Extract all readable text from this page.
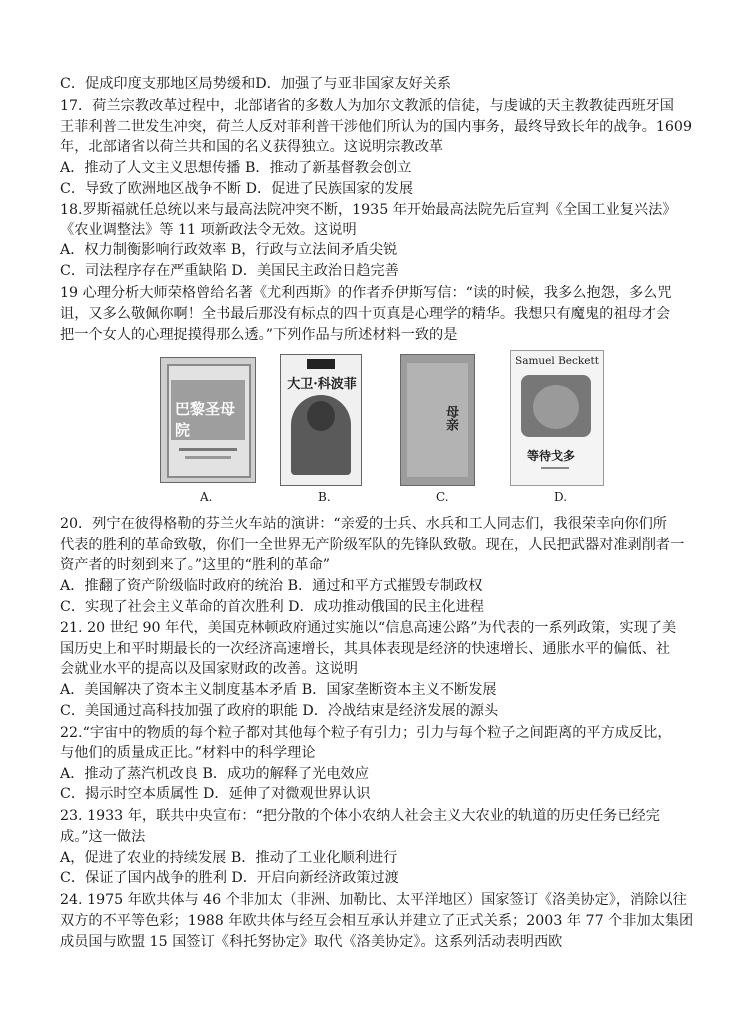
C．促成印度支那地区局势缓和D．加强了与亚非国家友好关系
17．荷兰宗教改革过程中，北部诸省的多数人为加尔文教派的信徒，与虔诚的天主教教徒西班牙国
王菲利普二世发生冲突，荷兰人反对菲利普干涉他们所认为的国内事务，最终导致长年的战争。1609
年，北部诸省以荷兰共和国的名义获得独立。这说明宗教改革
A．推动了人文主义思想传播 B．推动了新基督教会创立
C．导致了欧洲地区战争不断 D．促进了民族国家的发展
18.罗斯福就任总统以来与最高法院冲突不断，1935 年开始最高法院先后宣判《全国工业复兴法》
《农业调整法》等 11 项新政法令无效。这说明
A．权力制衡影响行政效率 B，行政与立法间矛盾尖锐
C．司法程序存在严重缺陷 D．美国民主政治日趋完善
19 心理分析大师荣格曾给名著《尤利西斯》的作者乔伊斯写信：“读的时候，我多么抱怨，多么咒
诅，又多么敬佩你啊！全书最后那没有标点的四十页真是心理学的精华。我想只有魔鬼的祖母才会
把一个女人的心理捉摸得那么透。”下列作品与所述材料一致的是
巴黎圣母院
大卫·科波菲
母亲
Samuel Beckett
等待戈多
A.	B.	C.	D.
20．列宁在彼得格勒的芬兰火车站的演讲：“亲爱的士兵、水兵和工人同志们，我很荣幸向你们所
代表的胜利的革命致敬，你们一全世界无产阶级军队的先锋队致敬。现在，人民把武器对准剥削者一
资产者的时刻到来了。”这里的“胜利的革命”
A．推翻了资产阶级临时政府的统治 B．通过和平方式摧毁专制政权
C．实现了社会主义革命的首次胜利 D．成功推动俄国的民主化进程
21. 20 世纪 90 年代，美国克林顿政府通过实施以“信息高速公路”为代表的一系列政策，实现了美
国历史上和平时期最长的一次经济高速增长，其具体表现是经济的快速增长、通胀水平的偏低、社
会就业水平的提高以及国家财政的改善。这说明
A．美国解决了资本主义制度基本矛盾 B．国家垄断资本主义不断发展
C．美国通过高科技加强了政府的职能 D．冷战结束是经济发展的源头
22.“宇宙中的物质的每个粒子都对其他每个粒子有引力；引力与每个粒子之间距离的平方成反比，
与他们的质量成正比。”材料中的科学理论
A．推动了蒸汽机改良 B．成功的解释了光电效应
C．揭示时空本质属性 D．延伸了对微观世界认识
23. 1933 年，联共中央宣布：“把分散的个体小农纳人社会主义大农业的轨道的历史任务已经完
成。”这一做法
A，促进了农业的持续发展 B．推动了工业化顺利进行
C．保证了国内战争的胜利 D．开启向新经济政策过渡
24. 1975 年欧共体与 46 个非加太（非洲、加勒比、太平洋地区）国家签订《洛美协定》，消除以往
双方的不平等色彩；1988 年欧共体与经互会相互承认并建立了正式关系；2003 年 77 个非加太集团
成员国与欧盟 15 国签订《科托努协定》取代《洛美协定》。这系列活动表明西欧
